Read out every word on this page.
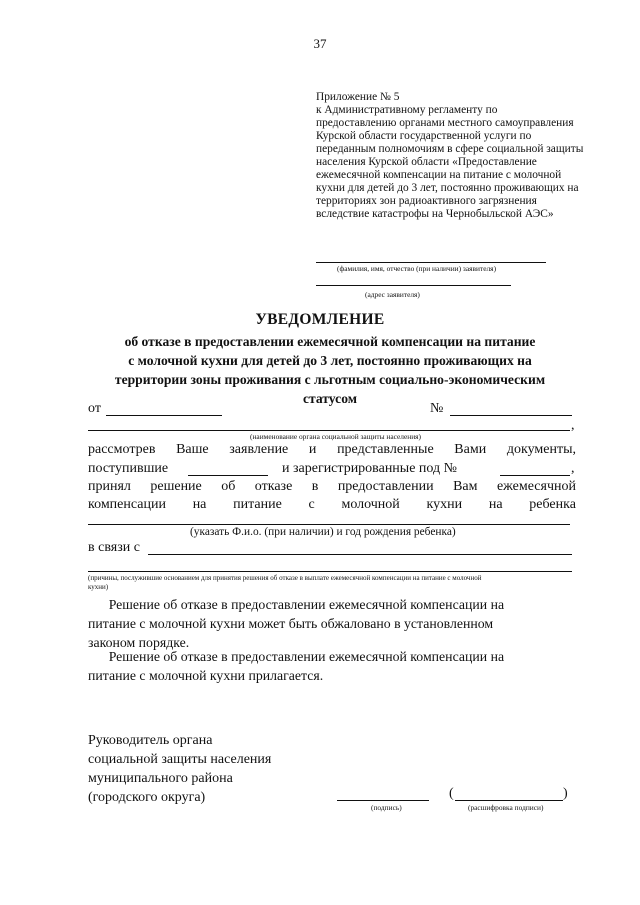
37
Приложение № 5
к Административному регламенту по
предоставлению органами местного самоуправления
Курской области государственной услуги по
переданным полномочиям в сфере социальной защиты
населения Курской области «Предоставление
ежемесячной компенсации на питание с молочной
кухни для детей до 3 лет, постоянно проживающих на
территориях зон радиоактивного загрязнения
вследствие катастрофы на Чернобыльской АЭС»
(фамилия, имя, отчество (при наличии) заявителя)
(адрес заявителя)
УВЕДОМЛЕНИЕ
об отказе в предоставлении ежемесячной компенсации на питание
с молочной кухни для детей до 3 лет, постоянно проживающих на
территории зоны проживания с льготным социально-экономическим
статусом
от	№
,
(наименование органа социальной защиты населения)
рассмотрев Ваше заявление и представленные Вами документы,
поступившие	и зарегистрированные под №	,
принял решение об отказе в предоставлении Вам ежемесячной
компенсации на питание с молочной кухни на ребенка
(указать Ф.и.о. (при наличии) и год рождения ребенка)
в связи с
(причины, послужившие основанием для принятия решения об отказе в выплате ежемесячной компенсации на питание с молочной
кухни)
Решение об отказе в предоставлении ежемесячной компенсации на
питание с молочной кухни может быть обжаловано в установленном
законом порядке.
Решение об отказе в предоставлении ежемесячной компенсации на
питание с молочной кухни прилагается.
Руководитель органа
социальной защиты населения
муниципального района
(городского округа)
(подпись)
(	)
(расшифровка подписи)
